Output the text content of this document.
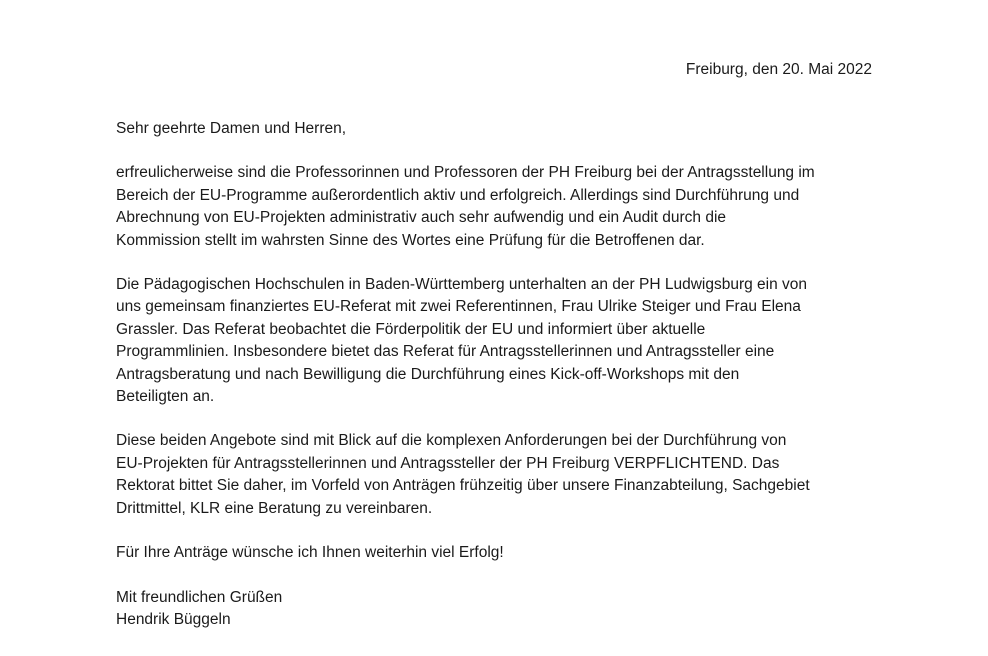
Freiburg, den 20. Mai 2022

Sehr geehrte Damen und Herren,

erfreulicherweise sind die Professorinnen und Professoren der PH Freiburg bei der Antragsstellung im
Bereich der EU-Programme außerordentlich aktiv und erfolgreich. Allerdings sind Durchführung und
Abrechnung von EU-Projekten administrativ auch sehr aufwendig und ein Audit durch die
Kommission stellt im wahrsten Sinne des Wortes eine Prüfung für die Betroffenen dar.

Die Pädagogischen Hochschulen in Baden-Württemberg unterhalten an der PH Ludwigsburg ein von
uns gemeinsam finanziertes EU-Referat mit zwei Referentinnen, Frau Ulrike Steiger und Frau Elena
Grassler. Das Referat beobachtet die Förderpolitik der EU und informiert über aktuelle
Programmlinien. Insbesondere bietet das Referat für Antragsstellerinnen und Antragssteller eine
Antragsberatung und nach Bewilligung die Durchführung eines Kick-off-Workshops mit den
Beteiligten an.

Diese beiden Angebote sind mit Blick auf die komplexen Anforderungen bei der Durchführung von
EU-Projekten für Antragsstellerinnen und Antragssteller der PH Freiburg VERPFLICHTEND. Das
Rektorat bittet Sie daher, im Vorfeld von Anträgen frühzeitig über unsere Finanzabteilung, Sachgebiet
Drittmittel, KLR eine Beratung zu vereinbaren.

Für Ihre Anträge wünsche ich Ihnen weiterhin viel Erfolg!

Mit freundlichen Grüßen
Hendrik Büggeln
